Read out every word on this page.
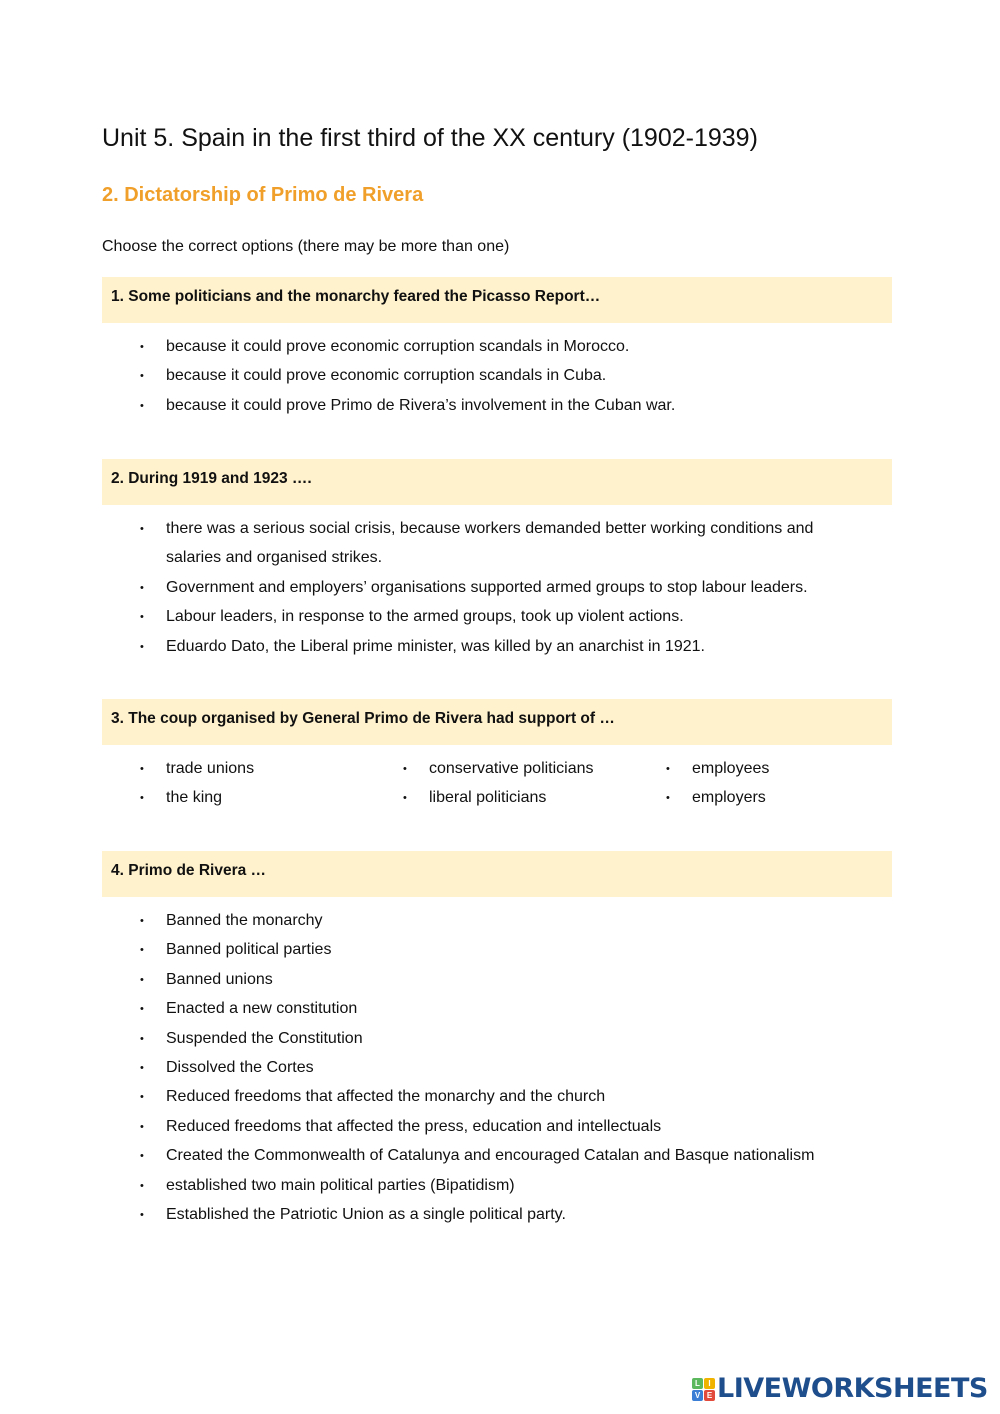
Unit 5. Spain in the first third of the XX century (1902-1939)
2. Dictatorship of Primo de Rivera

Choose the correct options (there may be more than one)

1. Some politicians and the monarchy feared the Picasso Report…
• because it could prove economic corruption scandals in Morocco.
• because it could prove economic corruption scandals in Cuba.
• because it could prove Primo de Rivera’s involvement in the Cuban war.
2. During 1919 and 1923 ….
• there was a serious social crisis, because workers demanded better working conditions and salaries and organised strikes.
• Government and employers’ organisations supported armed groups to stop labour leaders.
• Labour leaders, in response to the armed groups, took up violent actions.
• Eduardo Dato, the Liberal prime minister, was killed by an anarchist in 1921.
3. The coup organised by General Primo de Rivera had support of …
• trade unions
• the king
• conservative politicians
• liberal politicians
• employees
• employers
4. Primo de Rivera …
• Banned the monarchy
• Banned political parties
• Banned unions
• Enacted a new constitution
• Suspended the Constitution
• Dissolved the Cortes
• Reduced freedoms that affected the monarchy and the church
• Reduced freedoms that affected the press, education and intellectuals
• Created the Commonwealth of Catalunya and encouraged Catalan and Basque nationalism
• established two main political parties (Bipatidism)
• Established the Patriotic Union as a single political party.
L	I
V E LIVEWORKSHEETS
